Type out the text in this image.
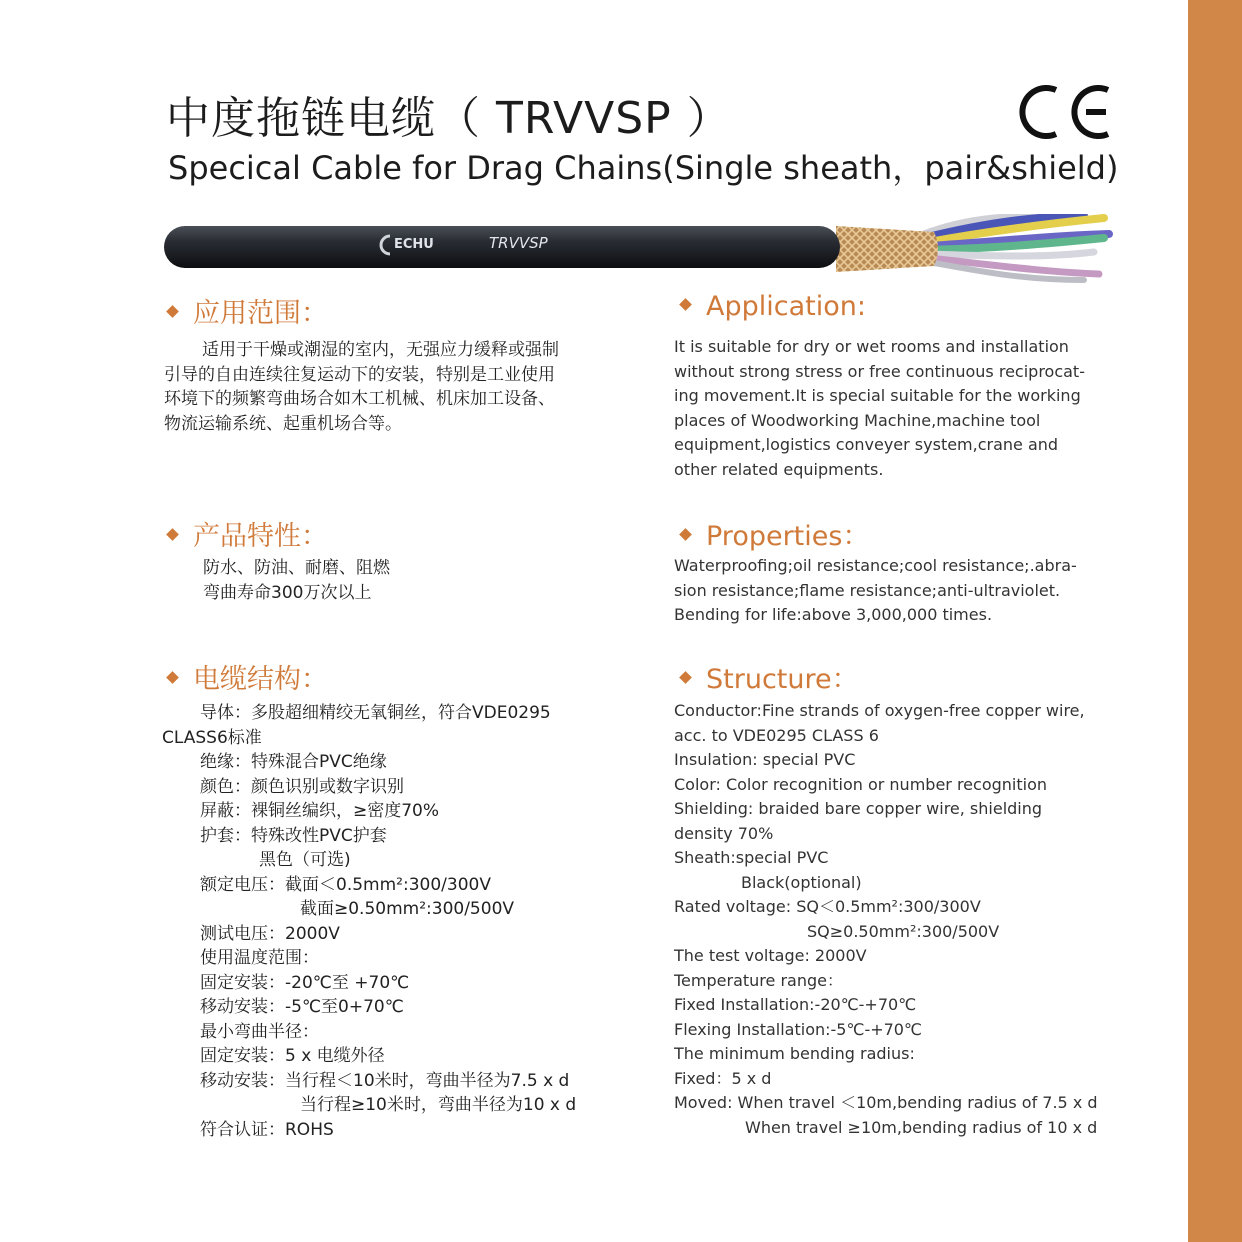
中度拖链电缆（ TRVVSP ）
Specical Cable for Drag Chains(Single sheath，pair&shield)
ECHU	TRVVSP
应用范围：	Application:
适用于干燥或潮湿的室内，无强应力缓释或强制
引导的自由连续往复运动下的安装，特别是工业使用
环境下的频繁弯曲场合如木工机械、机床加工设备、
物流运输系统、起重机场合等。
It is suitable for dry or wet rooms and installation
without strong stress or free continuous reciprocat-
ing movement.It is special suitable for the working
places of Woodworking Machine,machine tool
equipment,logistics conveyer system,crane and
other related equipments.
产品特性：	Properties：
防水、防油、耐磨、阻燃
弯曲寿命300万次以上
Waterproofing;oil resistance;cool resistance;.abra-
sion resistance;flame resistance;anti-ultraviolet.
Bending for life:above 3,000,000 times.
电缆结构：	Structure：
导体：多股超细精绞无氧铜丝，符合VDE0295
CLASS6标准
绝缘：特殊混合PVC绝缘
颜色：颜色识别或数字识别
屏蔽：裸铜丝编织，≥密度70%
护套：特殊改性PVC护套
黑色（可选)
额定电压：截面＜0.5mm²:300/300V
截面≥0.50mm²:300/500V
测试电压：2000V
使用温度范围：
固定安装：-20℃至 +70℃
移动安装：-5℃至0+70℃
最小弯曲半径：
固定安装：5 x 电缆外径
移动安装：当行程＜10米时，弯曲半径为7.5 x d
当行程≥10米时，弯曲半径为10 x d
符合认证：ROHS
Conductor:Fine strands of oxygen-free copper wire,
acc. to VDE0295 CLASS 6
Insulation: special PVC
Color: Color recognition or number recognition
Shielding: braided bare copper wire, shielding
density 70%
Sheath:special PVC
Black(optional)
Rated voltage: SQ＜0.5mm²:300/300V
SQ≥0.50mm²:300/500V
The test voltage: 2000V
Temperature range：
Fixed Installation:-20℃-+70℃
Flexing Installation:-5℃-+70℃
The minimum bending radius:
Fixed：5 x d
Moved: When travel ＜10m,bending radius of 7.5 x d
When travel ≥10m,bending radius of 10 x d
